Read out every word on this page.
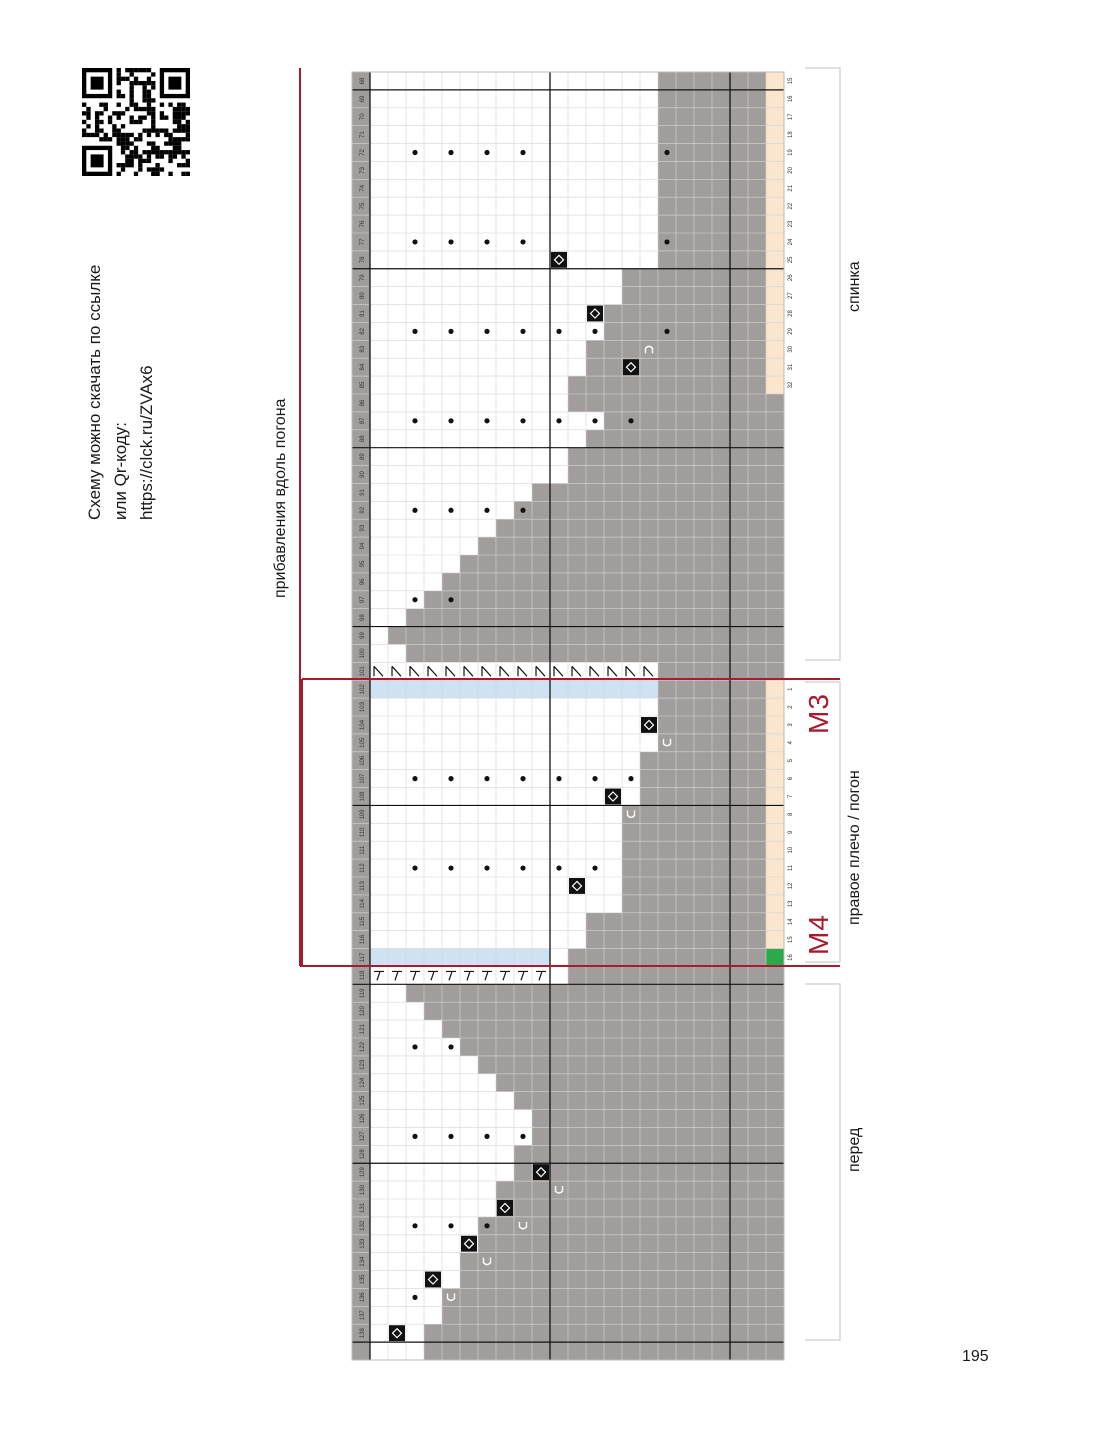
Схему можно скачать по ссылке или Qr-коду: https://clck.ru/ZVAx6	прибавления вдоль погона
спинка
правое плечо / погон
перед
М3
М4
195
68
69
70
71
72
73
74
75
76
77
78
79
80
81
82
83
84
85
86
87
88
89
90
91
92
93
94
95
96
97
98
99
100
101
102
103
104
105
106
107
108
109
110
111
112
113
114
115
116
117
118
119
120
121
122
123
124
125
126
127
128
129
130
131
132
133
134
135
136
137
138
15
16
17
18
19
20
21
22
23
24
25
26
27
28
29
30
31
32
1
2
3
4
5
6
7
8
9
10
11
12
13
14
15
16
